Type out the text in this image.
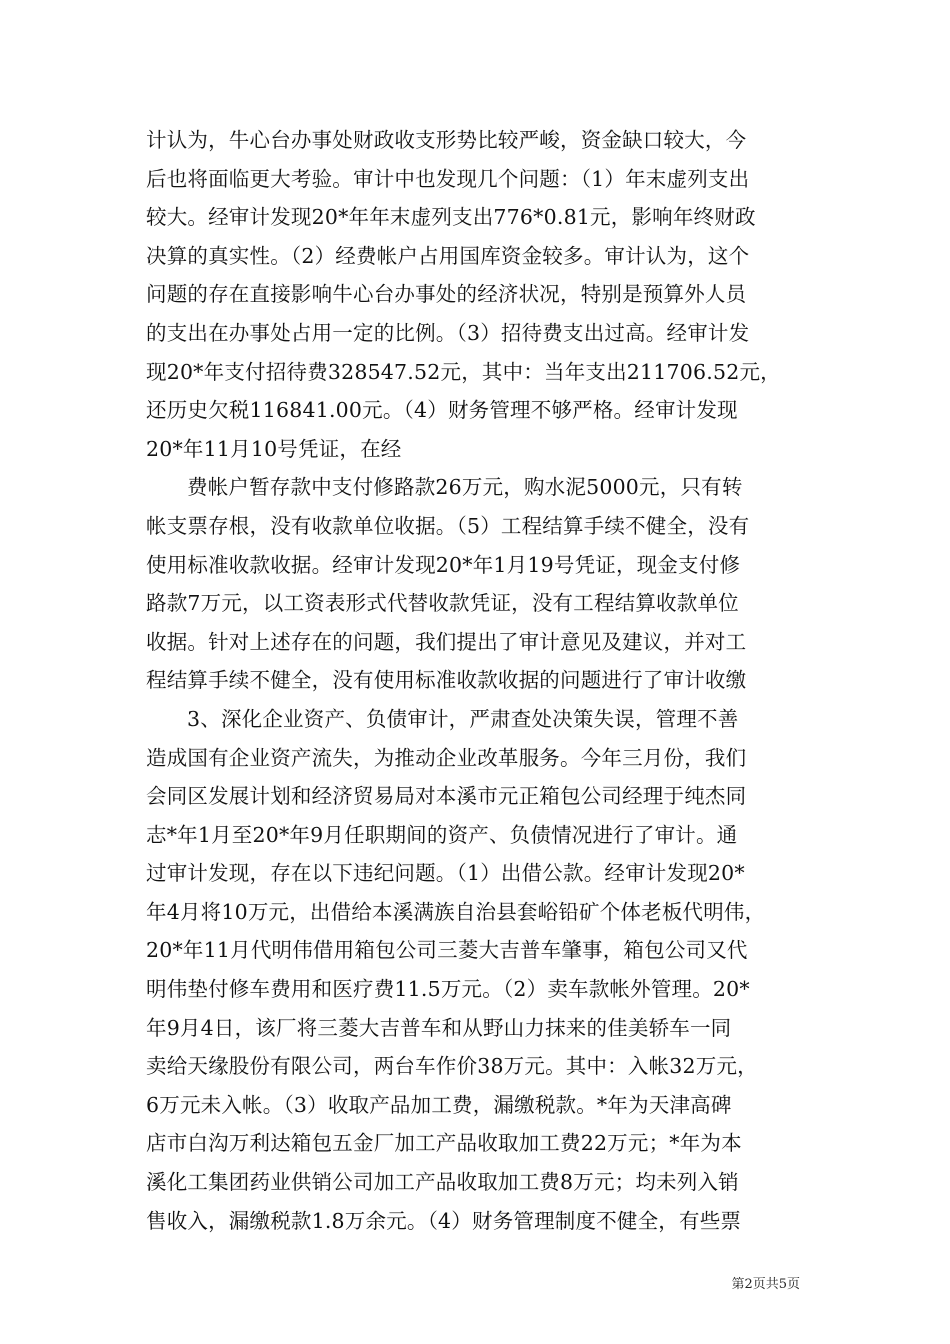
计认为，牛心台办事处财政收支形势比较严峻，资金缺口较大，今
后也将面临更大考验。审计中也发现几个问题：（1）年末虚列支出
较大。经审计发现20*年年末虚列支出776*0.81元，影响年终财政
决算的真实性。（2）经费帐户占用国库资金较多。审计认为，这个
问题的存在直接影响牛心台办事处的经济状况，特别是预算外人员
的支出在办事处占用一定的比例。（3）招待费支出过高。经审计发
现20*年支付招待费328547.52元，其中：当年支出211706.52元，
还历史欠税116841.00元。（4）财务管理不够严格。经审计发现
20*年11月10号凭证，在经
费帐户暂存款中支付修路款26万元，购水泥5000元，只有转
帐支票存根，没有收款单位收据。（5）工程结算手续不健全，没有
使用标准收款收据。经审计发现20*年1月19号凭证，现金支付修
路款7万元，以工资表形式代替收款凭证，没有工程结算收款单位
收据。针对上述存在的问题，我们提出了审计意见及建议，并对工
程结算手续不健全，没有使用标准收款收据的问题进行了审计收缴
3、深化企业资产、负债审计，严肃查处决策失误，管理不善
造成国有企业资产流失，为推动企业改革服务。今年三月份，我们
会同区发展计划和经济贸易局对本溪市元正箱包公司经理于纯杰同
志*年1月至20*年9月任职期间的资产、负债情况进行了审计。通
过审计发现，存在以下违纪问题。（1）出借公款。经审计发现20*
年4月将10万元，出借给本溪满族自治县套峪铅矿个体老板代明伟，
20*年11月代明伟借用箱包公司三菱大吉普车肇事，箱包公司又代
明伟垫付修车费用和医疗费11.5万元。（2）卖车款帐外管理。20*
年9月4日，该厂将三菱大吉普车和从野山力抹来的佳美轿车一同
卖给天缘股份有限公司，两台车作价38万元。其中：入帐32万元，
6万元未入帐。（3）收取产品加工费，漏缴税款。*年为天津高碑
店市白沟万利达箱包五金厂加工产品收取加工费22万元；*年为本
溪化工集团药业供销公司加工产品收取加工费8万元；均未列入销
售收入，漏缴税款1.8万余元。（4）财务管理制度不健全，有些票
第2页共5页
